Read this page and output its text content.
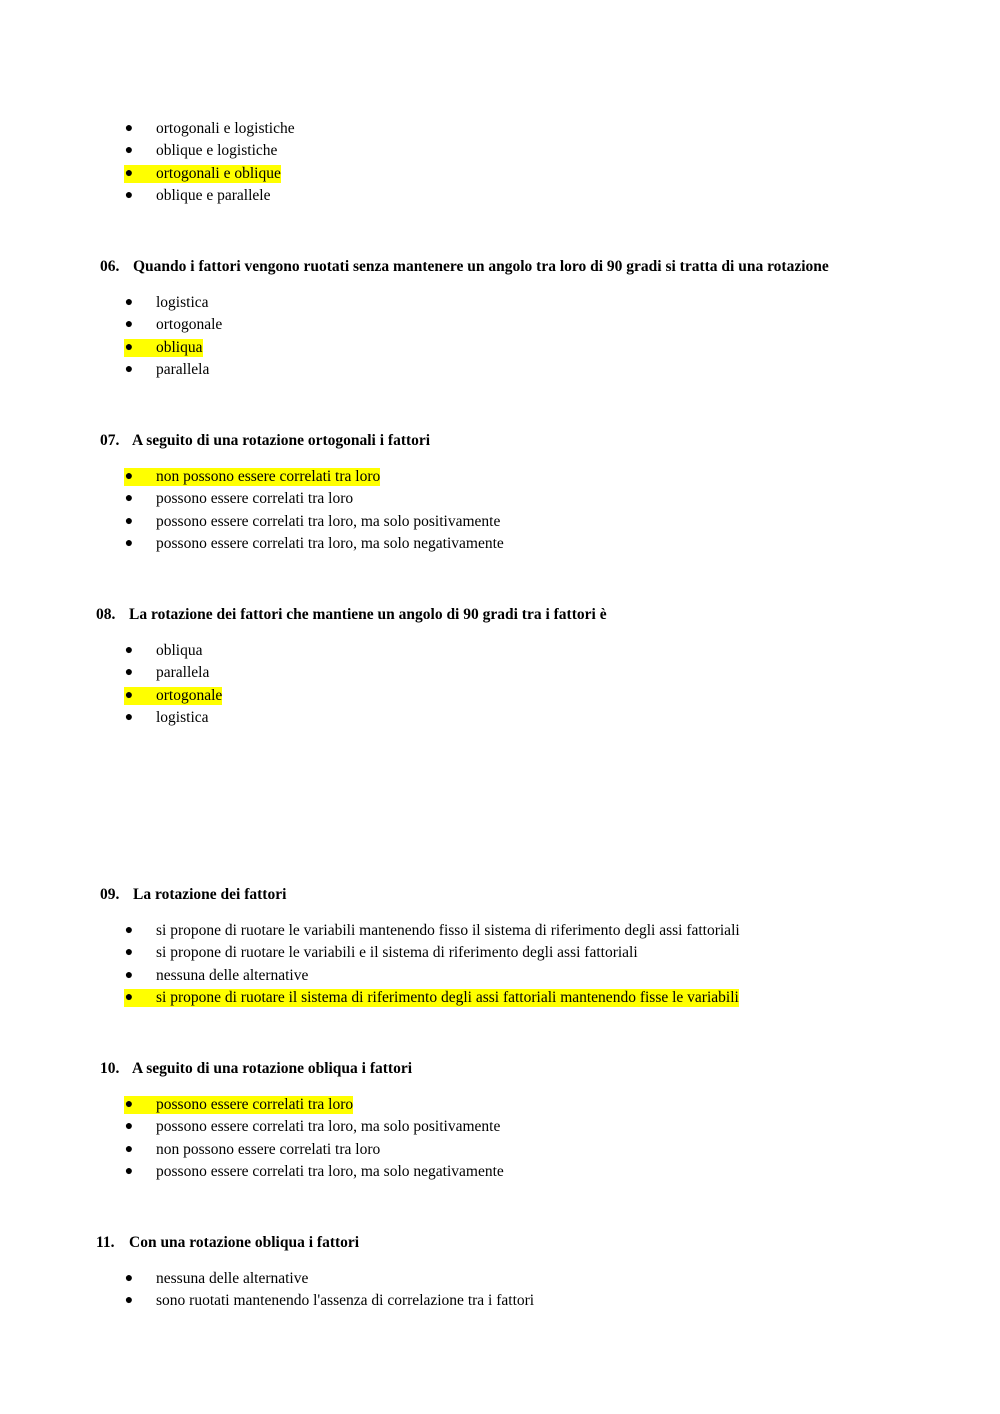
● ortogonali e logistiche
● oblique e logistiche
● ortogonali e oblique
● oblique e parallele
06. Quando i fattori vengono ruotati senza mantenere un angolo tra loro di 90 gradi si tratta di una rotazione
● logistica
● ortogonale
● obliqua
● parallela
07. A seguito di una rotazione ortogonali i fattori
● non possono essere correlati tra loro
● possono essere correlati tra loro
● possono essere correlati tra loro, ma solo positivamente
● possono essere correlati tra loro, ma solo negativamente
08. La rotazione dei fattori che mantiene un angolo di 90 gradi tra i fattori è
● obliqua
● parallela
● ortogonale
● logistica
09. La rotazione dei fattori
● si propone di ruotare le variabili mantenendo fisso il sistema di riferimento degli assi fattoriali
● si propone di ruotare le variabili e il sistema di riferimento degli assi fattoriali
● nessuna delle alternative
● si propone di ruotare il sistema di riferimento degli assi fattoriali mantenendo fisse le variabili
10. A seguito di una rotazione obliqua i fattori
● possono essere correlati tra loro
● possono essere correlati tra loro, ma solo positivamente
● non possono essere correlati tra loro
● possono essere correlati tra loro, ma solo negativamente
11. Con una rotazione obliqua i fattori
● nessuna delle alternative
● sono ruotati mantenendo l'assenza di correlazione tra i fattori
